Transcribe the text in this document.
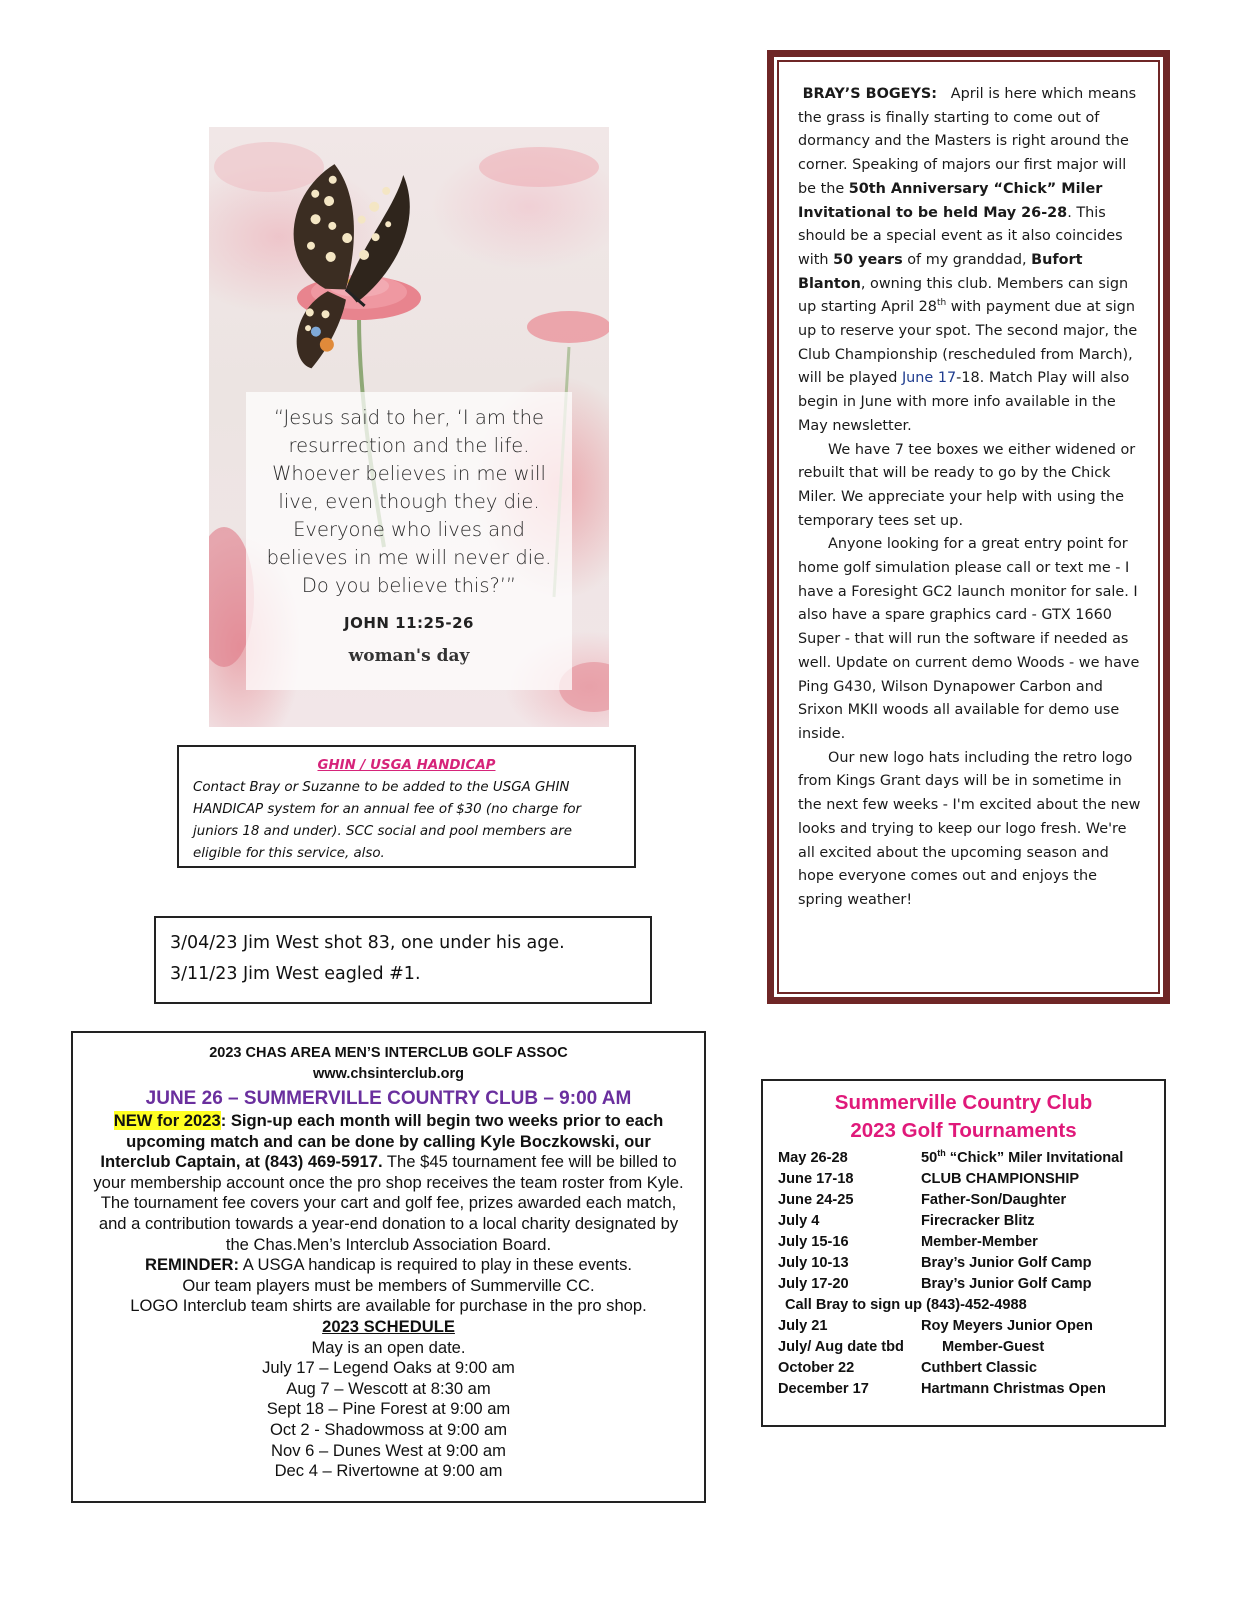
“Jesus said to her, ‘I am the resurrection and the life. Whoever believes in me will live, even though they die. Everyone who lives and believes in me will never die. Do you believe this?’”
JOHN 11:25-26
woman's day
GHIN / USGA HANDICAP
Contact Bray or Suzanne to be added to the USGA GHIN HANDICAP system for an annual fee of $30 (no charge for juniors 18 and under). SCC social and pool members are eligible for this service, also.
3/04/23 Jim West shot 83, one under his age.
3/11/23 Jim West eagled #1.

BRAY’S BOGEYS: April is here which means the grass is finally starting to come out of dormancy and the Masters is right around the corner. Speaking of majors our first major will be the 50th Anniversary “Chick” Miler Invitational to be held May 26-28. This should be a special event as it also coincides with 50 years of my granddad, Bufort Blanton, owning this club. Members can sign up starting April 28th with payment due at sign up to reserve your spot. The second major, the Club Championship (rescheduled from March), will be played June 17-18. Match Play will also begin in June with more info available in the May newsletter.

We have 7 tee boxes we either widened or rebuilt that will be ready to go by the Chick Miler. We appreciate your help with using the temporary tees set up.

Anyone looking for a great entry point for home golf simulation please call or text me - I have a Foresight GC2 launch monitor for sale. I also have a spare graphics card - GTX 1660 Super - that will run the software if needed as well. Update on current demo Woods - we have Ping G430, Wilson Dynapower Carbon and Srixon MKII woods all available for demo use inside.

Our new logo hats including the retro logo from Kings Grant days will be in sometime in the next few weeks - I'm excited about the new looks and trying to keep our logo fresh. We're all excited about the upcoming season and hope everyone comes out and enjoys the spring weather!

2023 CHAS AREA MEN’S INTERCLUB GOLF ASSOC
www.chsinterclub.org
JUNE 26 – SUMMERVILLE COUNTRY CLUB – 9:00 AM
NEW for 2023: Sign-up each month will begin two weeks prior to each upcoming match and can be done by calling Kyle Boczkowski, our Interclub Captain, at (843) 469-5917. The $45 tournament fee will be billed to your membership account once the pro shop receives the team roster from Kyle. The tournament fee covers your cart and golf fee, prizes awarded each match, and a contribution towards a year-end donation to a local charity designated by the Chas.Men’s Interclub Association Board.
REMINDER: A USGA handicap is required to play in these events.
Our team players must be members of Summerville CC.
LOGO Interclub team shirts are available for purchase in the pro shop.
2023 SCHEDULE
May is an open date.
July 17 – Legend Oaks at 9:00 am
Aug 7 – Wescott at 8:30 am
Sept 18 – Pine Forest at 9:00 am
Oct 2 - Shadowmoss at 9:00 am
Nov 6 – Dunes West at 9:00 am
Dec 4 – Rivertowne at 9:00 am
Summerville Country Club
2023 Golf Tournaments
May 26-28	50th “Chick” Miler Invitational
June 17-18	CLUB CHAMPIONSHIP
June 24-25	Father-Son/Daughter
July 4	Firecracker Blitz
July 15-16	Member-Member
July 10-13	Bray’s Junior Golf Camp
July 17-20	Bray’s Junior Golf Camp
Call Bray to sign up (843)-452-4988
July 21	Roy Meyers Junior Open
July/ Aug date tbd	Member-Guest
October 22	Cuthbert Classic
December 17	Hartmann Christmas Open
